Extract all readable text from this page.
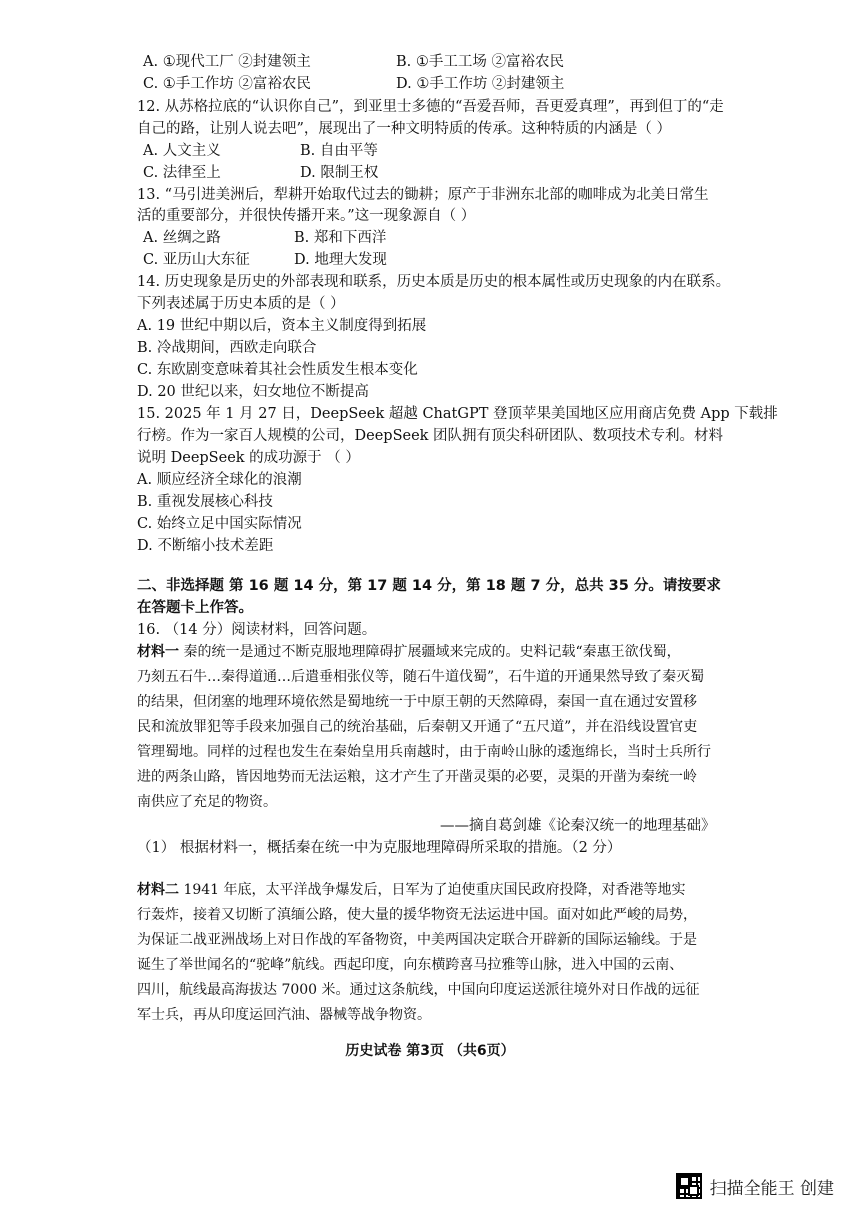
A. ①现代工厂 ②封建领主	B. ①手工工场 ②富裕农民
C. ①手工作坊 ②富裕农民	D. ①手工作坊 ②封建领主
12. 从苏格拉底的“认识你自己”，到亚里士多德的“吾爱吾师，吾更爱真理”，再到但丁的“走
自己的路，让别人说去吧”，展现出了一种文明特质的传承。这种特质的内涵是（ ）
A. 人文主义	B. 自由平等
C. 法律至上	D. 限制王权
13. “马引进美洲后，犁耕开始取代过去的锄耕；原产于非洲东北部的咖啡成为北美日常生
活的重要部分，并很快传播开来。”这一现象源自（ ）
A. 丝绸之路	B. 郑和下西洋
C. 亚历山大东征	D. 地理大发现
14. 历史现象是历史的外部表现和联系，历史本质是历史的根本属性或历史现象的内在联系。
下列表述属于历史本质的是（ ）
A. 19 世纪中期以后，资本主义制度得到拓展
B. 冷战期间，西欧走向联合
C. 东欧剧变意味着其社会性质发生根本变化
D. 20 世纪以来，妇女地位不断提高
15. 2025 年 1 月 27 日，DeepSeek 超越 ChatGPT 登顶苹果美国地区应用商店免费 App 下载排
行榜。作为一家百人规模的公司，DeepSeek 团队拥有顶尖科研团队、数项技术专利。材料
说明 DeepSeek 的成功源于 （ ）
A. 顺应经济全球化的浪潮
B. 重视发展核心科技
C. 始终立足中国实际情况
D. 不断缩小技术差距
二、非选择题 第 16 题 14 分，第 17 题 14 分，第 18 题 7 分，总共 35 分。请按要求
在答题卡上作答。
16. （14 分）阅读材料，回答问题。
材料一 秦的统一是通过不断克服地理障碍扩展疆域来完成的。史料记载“秦惠王欲伐蜀，
乃刻五石牛…秦得道通…后遣垂相张仪等，随石牛道伐蜀”，石牛道的开通果然导致了秦灭蜀
的结果，但闭塞的地理环境依然是蜀地统一于中原王朝的天然障碍，秦国一直在通过安置移
民和流放罪犯等手段来加强自己的统治基础，后秦朝又开通了“五尺道”，并在沿线设置官吏
管理蜀地。同样的过程也发生在秦始皇用兵南越时，由于南岭山脉的逶迤绵长，当时士兵所行
进的两条山路，皆因地势而无法运粮，这才产生了开凿灵渠的必要，灵渠的开凿为秦统一岭
南供应了充足的物资。
——摘自葛剑雄《论秦汉统一的地理基础》
（1） 根据材料一，概括秦在统一中为克服地理障碍所采取的措施。（2 分）
材料二 1941 年底，太平洋战争爆发后，日军为了迫使重庆国民政府投降，对香港等地实
行轰炸，接着又切断了滇缅公路，使大量的援华物资无法运进中国。面对如此严峻的局势，
为保证二战亚洲战场上对日作战的军备物资，中美两国决定联合开辟新的国际运输线。于是
诞生了举世闻名的“驼峰”航线。西起印度，向东横跨喜马拉雅等山脉，进入中国的云南、
四川，航线最高海拔达 7000 米。通过这条航线，中国向印度运送派往境外对日作战的远征
军士兵，再从印度运回汽油、器械等战争物资。
历史试卷 第3页 （共6页）
扫描全能王 创建
